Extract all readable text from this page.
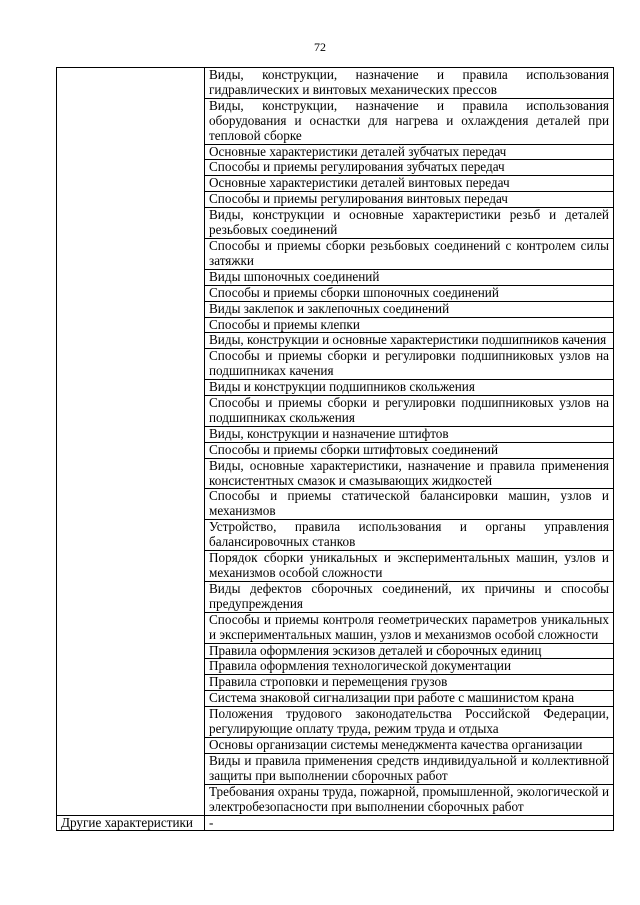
72
	Виды, конструкции, назначение и правила использования гидравлических и винтовых механических прессов
	Виды, конструкции, назначение и правила использования оборудования и оснастки для нагрева и охлаждения деталей при тепловой сборке
	Основные характеристики деталей зубчатых передач
	Способы и приемы регулирования зубчатых передач
	Основные характеристики деталей винтовых передач
	Способы и приемы регулирования винтовых передач
	Виды, конструкции и основные характеристики резьб и деталей резьбовых соединений
	Способы и приемы сборки резьбовых соединений с контролем силы затяжки
	Виды шпоночных соединений
	Способы и приемы сборки шпоночных соединений
	Виды заклепок и заклепочных соединений
	Способы и приемы клепки
	Виды, конструкции и основные характеристики подшипников качения
	Способы и приемы сборки и регулировки подшипниковых узлов на подшипниках качения
	Виды и конструкции подшипников скольжения
	Способы и приемы сборки и регулировки подшипниковых узлов на подшипниках скольжения
	Виды, конструкции и назначение штифтов
	Способы и приемы сборки штифтовых соединений
	Виды, основные характеристики, назначение и правила применения консистентных смазок и смазывающих жидкостей
	Способы и приемы статической балансировки машин, узлов и механизмов
	Устройство, правила использования и органы управления балансировочных станков
	Порядок сборки уникальных и экспериментальных машин, узлов и механизмов особой сложности
	Виды дефектов сборочных соединений, их причины и способы предупреждения
	Способы и приемы контроля геометрических параметров уникальных и экспериментальных машин, узлов и механизмов особой сложности
	Правила оформления эскизов деталей и сборочных единиц
	Правила оформления технологической документации
	Правила строповки и перемещения грузов
	Система знаковой сигнализации при работе с машинистом крана
	Положения трудового законодательства Российской Федерации, регулирующие оплату труда, режим труда и отдыха
	Основы организации системы менеджмента качества организации
	Виды и правила применения средств индивидуальной и коллективной защиты при выполнении сборочных работ
	Требования охраны труда, пожарной, промышленной, экологической и электробезопасности при выполнении сборочных работ
Другие характеристики	-
